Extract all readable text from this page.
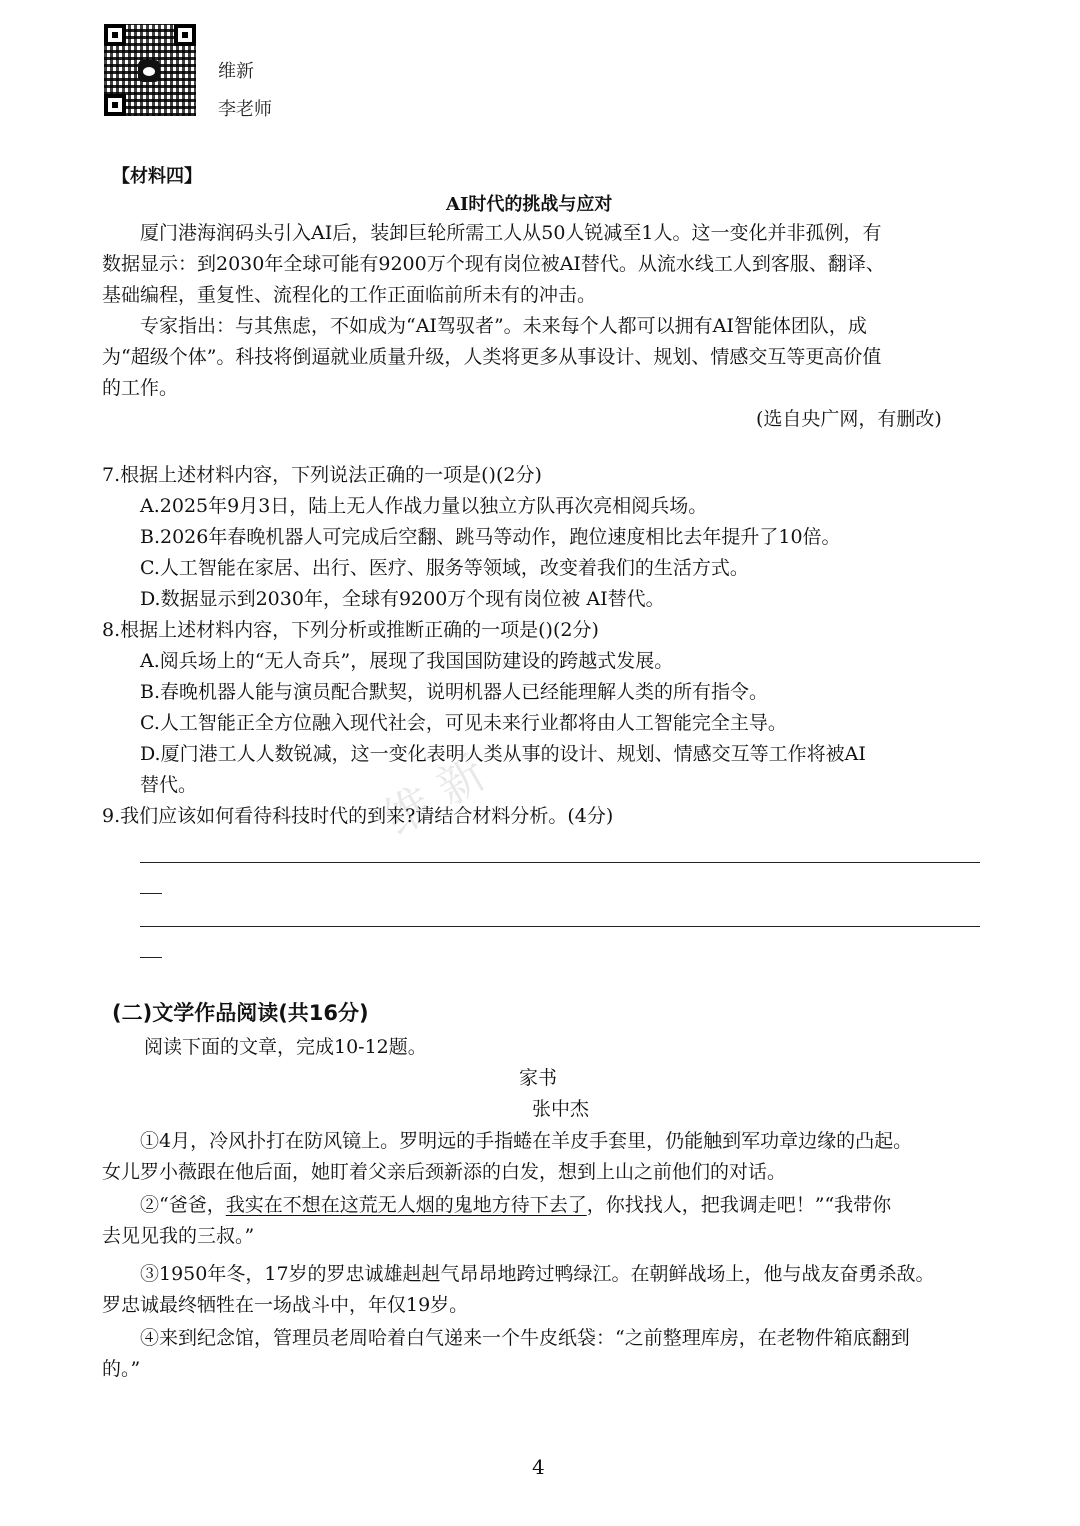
维新
李老师
【材料四】
AI时代的挑战与应对
厦门港海润码头引入AI后，装卸巨轮所需工人从50人锐减至1人。这一变化并非孤例，有
数据显示：到2030年全球可能有9200万个现有岗位被AI替代。从流水线工人到客服、翻译、
基础编程，重复性、流程化的工作正面临前所未有的冲击。
专家指出：与其焦虑，不如成为“AI驾驭者”。未来每个人都可以拥有AI智能体团队，成
为“超级个体”。科技将倒逼就业质量升级，人类将更多从事设计、规划、情感交互等更高价值
的工作。
(选自央广网，有删改)
7.根据上述材料内容，下列说法正确的一项是()(2分)
A.2025年9月3日，陆上无人作战力量以独立方队再次亮相阅兵场。
B.2026年春晚机器人可完成后空翻、跳马等动作，跑位速度相比去年提升了10倍。
C.人工智能在家居、出行、医疗、服务等领域，改变着我们的生活方式。
D.数据显示到2030年，全球有9200万个现有岗位被 AI替代。
8.根据上述材料内容，下列分析或推断正确的一项是()(2分)
A.阅兵场上的“无人奇兵”，展现了我国国防建设的跨越式发展。
B.春晚机器人能与演员配合默契，说明机器人已经能理解人类的所有指令。
C.人工智能正全方位融入现代社会，可见未来行业都将由人工智能完全主导。
D.厦门港工人人数锐减，这一变化表明人类从事的设计、规划、情感交互等工作将被AI
替代。
9.我们应该如何看待科技时代的到来?请结合材料分析。(4分)
维 新
(二)文学作品阅读(共16分)
阅读下面的文章，完成10-12题。
家书
张中杰
①4月，冷风扑打在防风镜上。罗明远的手指蜷在羊皮手套里，仍能触到军功章边缘的凸起。
女儿罗小薇跟在他后面，她盯着父亲后颈新添的白发，想到上山之前他们的对话。
②“爸爸，我实在不想在这荒无人烟的鬼地方待下去了，你找找人，把我调走吧！”“我带你
去见见我的三叔。”
③1950年冬，17岁的罗忠诚雄赳赳气昂昂地跨过鸭绿江。在朝鲜战场上，他与战友奋勇杀敌。
罗忠诚最终牺牲在一场战斗中，年仅19岁。
④来到纪念馆，管理员老周哈着白气递来一个牛皮纸袋：“之前整理库房，在老物件箱底翻到
的。”
4
